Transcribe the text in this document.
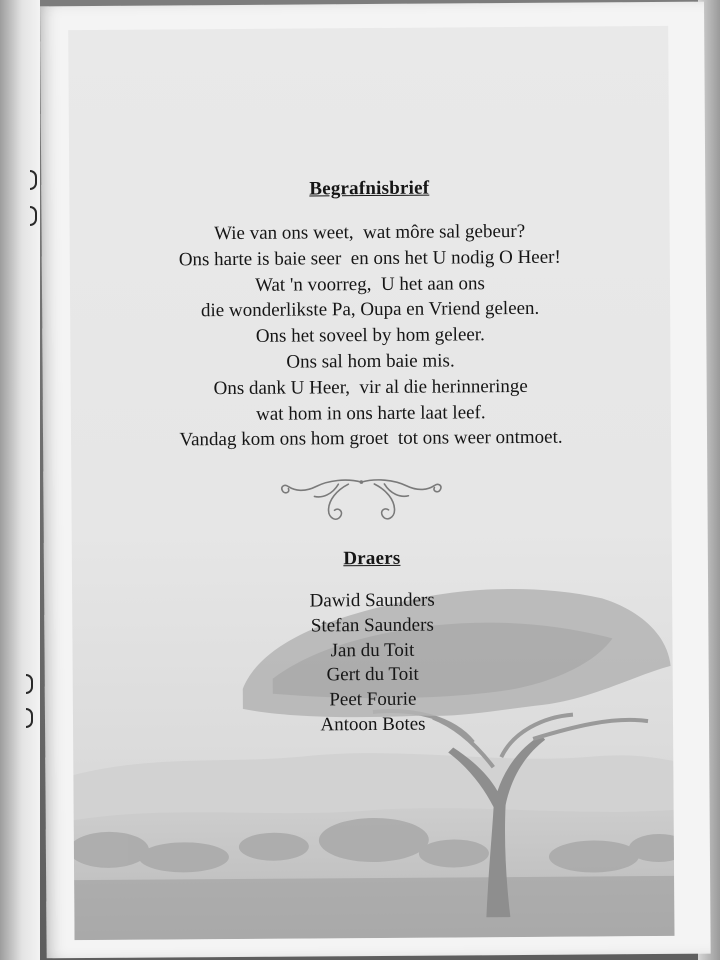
Begrafnisbrief
Wie van ons weet,  wat môre sal gebeur?
Ons harte is baie seer  en ons het U nodig O Heer!
Wat 'n voorreg,  U het aan ons
die wonderlikste Pa, Oupa en Vriend geleen.
Ons het soveel by hom geleer.
Ons sal hom baie mis.
Ons dank U Heer,  vir al die herinneringe
wat hom in ons harte laat leef.
Vandag kom ons hom groet  tot ons weer ontmoet.
Draers
Dawid Saunders
Stefan Saunders
Jan du Toit
Gert du Toit
Peet Fourie
Antoon Botes
